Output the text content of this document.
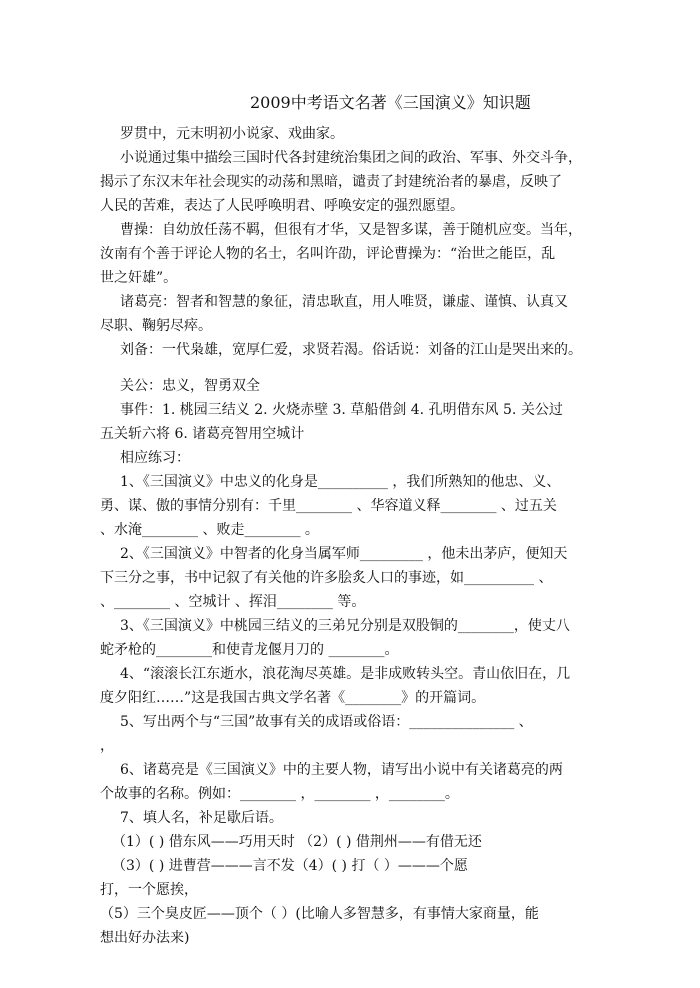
2009中考语文名著《三国演义》知识题
罗贯中，元末明初小说家、戏曲家。
小说通过集中描绘三国时代各封建统治集团之间的政治、军事、外交斗争，
揭示了东汉末年社会现实的动荡和黑暗，谴责了封建统治者的暴虐，反映了
人民的苦难，表达了人民呼唤明君、呼唤安定的强烈愿望。
曹操：自幼放任荡不羁，但很有才华，又是智多谋，善于随机应变。当年，
汝南有个善于评论人物的名士，名叫许劭，评论曹操为：“治世之能臣，乱
世之奸雄”。
诸葛亮：智者和智慧的象征，清忠耿直，用人唯贤，谦虚、谨慎、认真又
尽职、鞠躬尽瘁。
刘备：一代枭雄，宽厚仁爱，求贤若渴。俗话说：刘备的江山是哭出来的。
关公：忠义，智勇双全
事件：1. 桃园三结义 2. 火烧赤壁 3. 草船借剑 4. 孔明借东风 5. 关公过
五关斩六将 6. 诸葛亮智用空城计
相应练习：
1、《三国演义》中忠义的化身是__________ ，我们所熟知的他忠、义、
勇、谋、傲的事情分别有：千里________ 、华容道义释________ 、过五关
、水淹________ 、败走________ 。
2、《三国演义》中智者的化身当属军师_________ ，他未出茅庐，便知天
下三分之事，书中记叙了有关他的许多脍炙人口的事迹，如__________ 、
、________ 、空城计 、挥泪________ 等。
3、《三国演义》中桃园三结义的三弟兄分别是双股铜的________，使丈八
蛇矛枪的________和使青龙偃月刀的 ________。
4、“滚滚长江东逝水，浪花淘尽英雄。是非成败转头空。青山依旧在，几
度夕阳红……”这是我国古典文学名著《________》的开篇词。
5、写出两个与“三国”故事有关的成语或俗语：_______________ 、
，
6、诸葛亮是《三国演义》中的主要人物，请写出小说中有关诸葛亮的两
个故事的名称。例如：________ ，________ ，________。
7、填人名，补足歇后语。
（1）( ) 借东风——巧用天时 （2）( ) 借荆州——有借无还
（3）( ) 进曹营———言不发（4）( ) 打（ ）———个愿
打，一个愿挨，
（5）三个臭皮匠——顶个（ ）(比喻人多智慧多，有事情大家商量，能
想出好办法来)
